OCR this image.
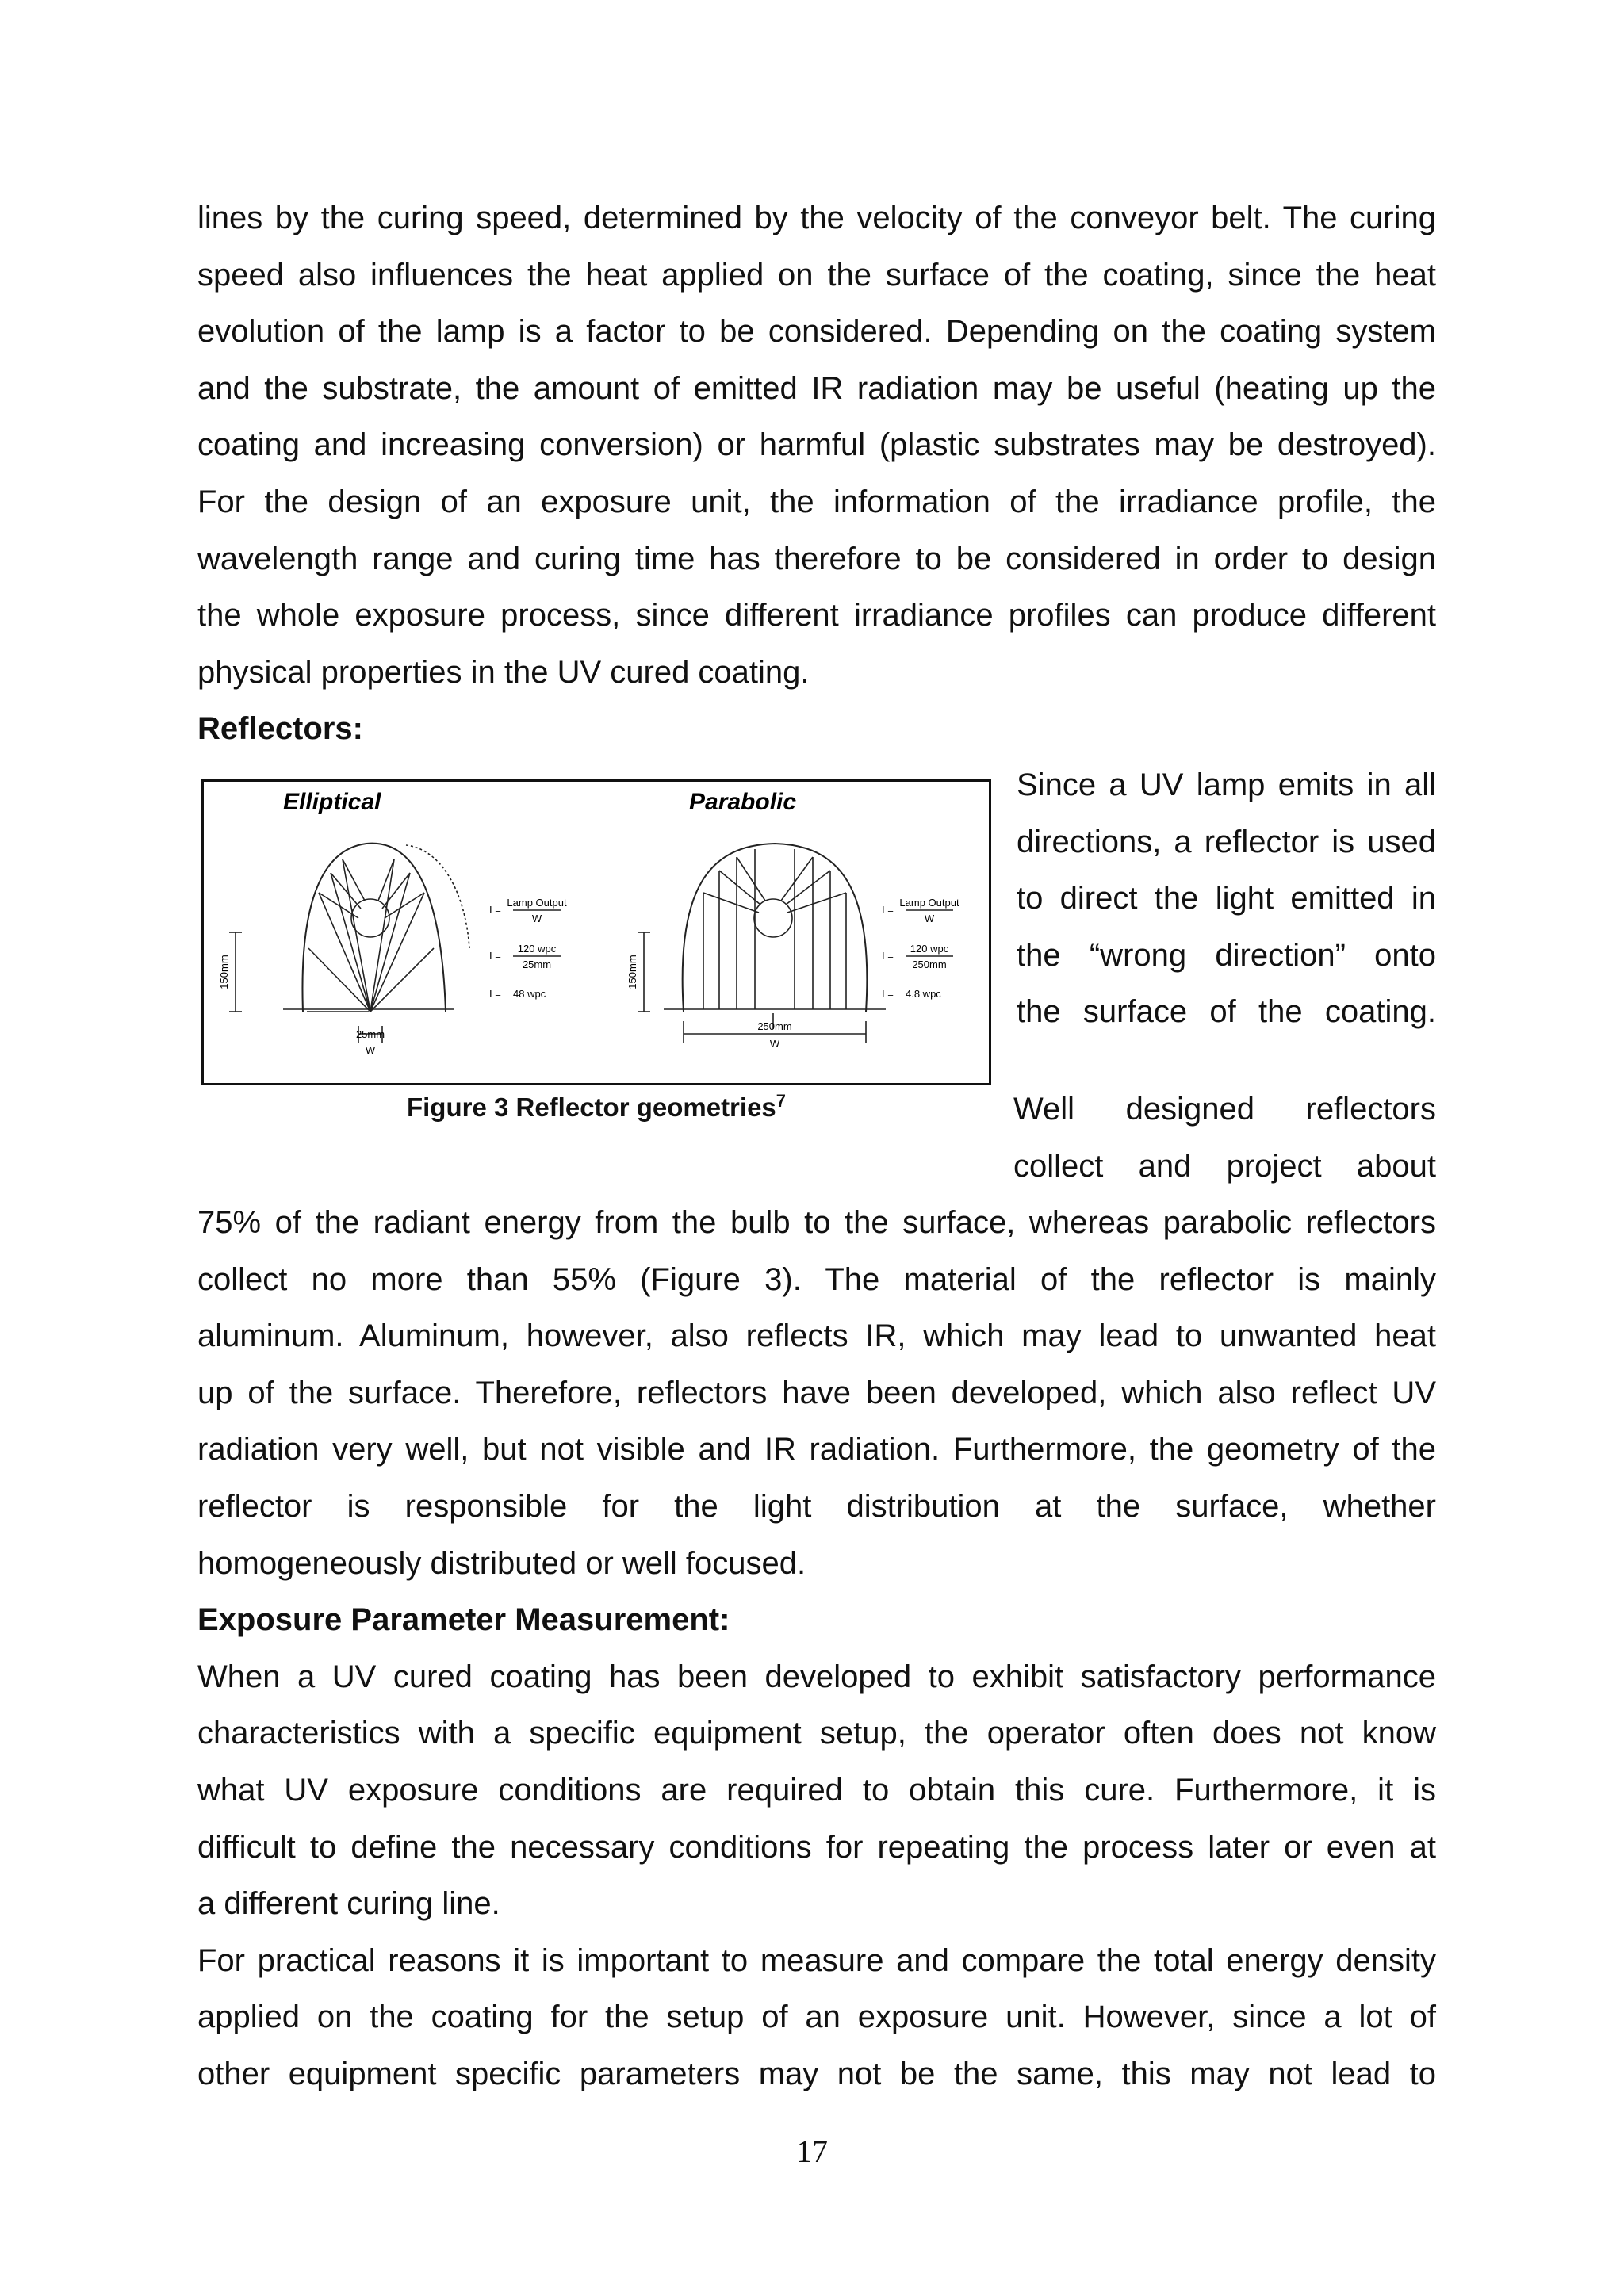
lines by the curing speed, determined by the velocity of the conveyor belt. The curing
speed also influences the heat applied on the surface of the coating, since the heat
evolution of the lamp is a factor to be considered. Depending on the coating system
and the substrate, the amount of emitted IR radiation may be useful (heating up the
coating and increasing conversion) or harmful (plastic substrates may be destroyed).
For the design of an exposure unit, the information of the irradiance profile, the
wavelength range and curing time has therefore to be considered in order to design
the whole exposure process, since different irradiance profiles can produce different
physical properties in the UV cured coating.
Reflectors:
Elliptical	Parabolic
150mm
25mm
W
I =
Lamp Output
W
I =
120 wpc
25mm
I = 48 wpc
150mm
250mm
W
I =
Lamp Output
W
I =
120 wpc
250mm
I = 4.8 wpc
Figure 3 Reflector geometries$^7$
Since a UV lamp emits in all
directions, a reflector is used
to direct the light emitted in
the “wrong direction” onto
the surface of the coating.
Well designed reflectors
collect and project about
75% of the radiant energy from the bulb to the surface, whereas parabolic reflectors
collect no more than 55% (Figure 3). The material of the reflector is mainly
aluminum. Aluminum, however, also reflects IR, which may lead to unwanted heat
up of the surface. Therefore, reflectors have been developed, which also reflect UV
radiation very well, but not visible and IR radiation. Furthermore, the geometry of the
reflector is responsible for the light distribution at the surface, whether
homogeneously distributed or well focused.
Exposure Parameter Measurement:
When a UV cured coating has been developed to exhibit satisfactory performance
characteristics with a specific equipment setup, the operator often does not know
what UV exposure conditions are required to obtain this cure. Furthermore, it is
difficult to define the necessary conditions for repeating the process later or even at
a different curing line.
For practical reasons it is important to measure and compare the total energy density
applied on the coating for the setup of an exposure unit. However, since a lot of
other equipment specific parameters may not be the same, this may not lead to
17
